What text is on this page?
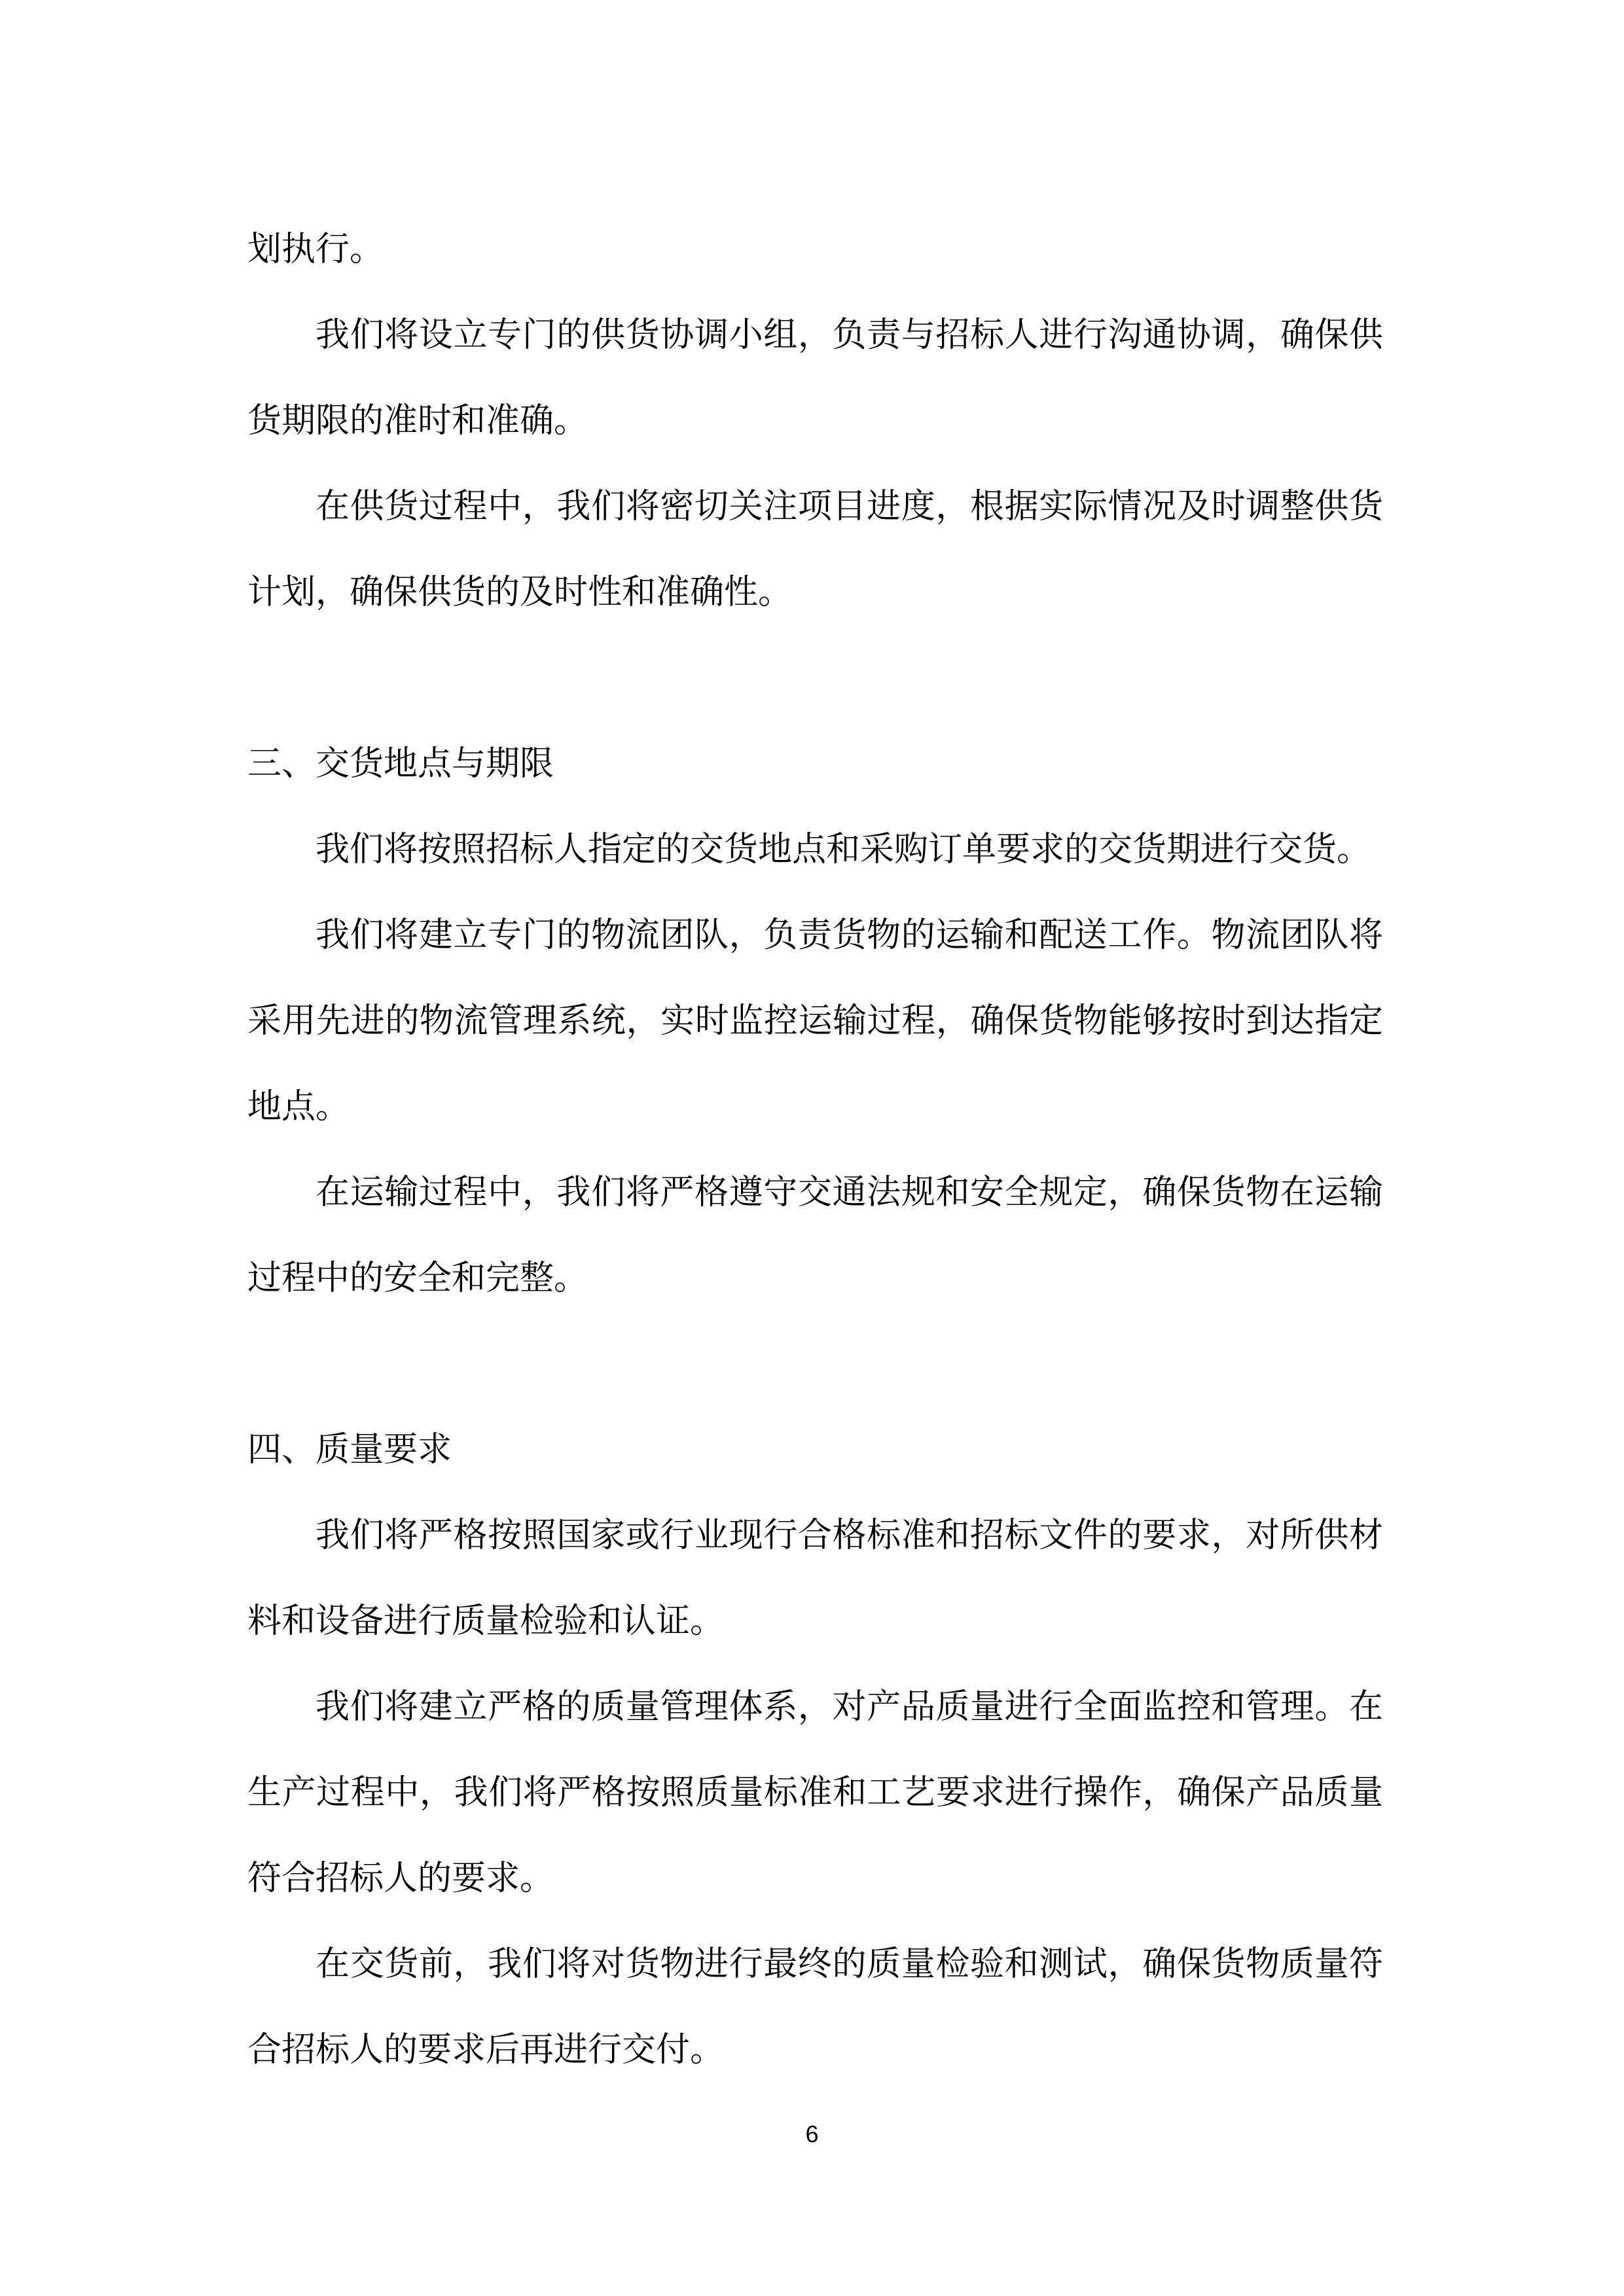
划执行。

我们将设立专门的供货协调小组，负责与招标人进行沟通协调，确保供货期限的准时和准确。

在供货过程中，我们将密切关注项目进度，根据实际情况及时调整供货计划，确保供货的及时性和准确性。

三、交货地点与期限

我们将按照招标人指定的交货地点和采购订单要求的交货期进行交货。

我们将建立专门的物流团队，负责货物的运输和配送工作。物流团队将采用先进的物流管理系统，实时监控运输过程，确保货物能够按时到达指定地点。

在运输过程中，我们将严格遵守交通法规和安全规定，确保货物在运输过程中的安全和完整。

四、质量要求

我们将严格按照国家或行业现行合格标准和招标文件的要求，对所供材料和设备进行质量检验和认证。

我们将建立严格的质量管理体系，对产品质量进行全面监控和管理。在生产过程中，我们将严格按照质量标准和工艺要求进行操作，确保产品质量符合招标人的要求。

在交货前，我们将对货物进行最终的质量检验和测试，确保货物质量符合招标人的要求后再进行交付。

6
